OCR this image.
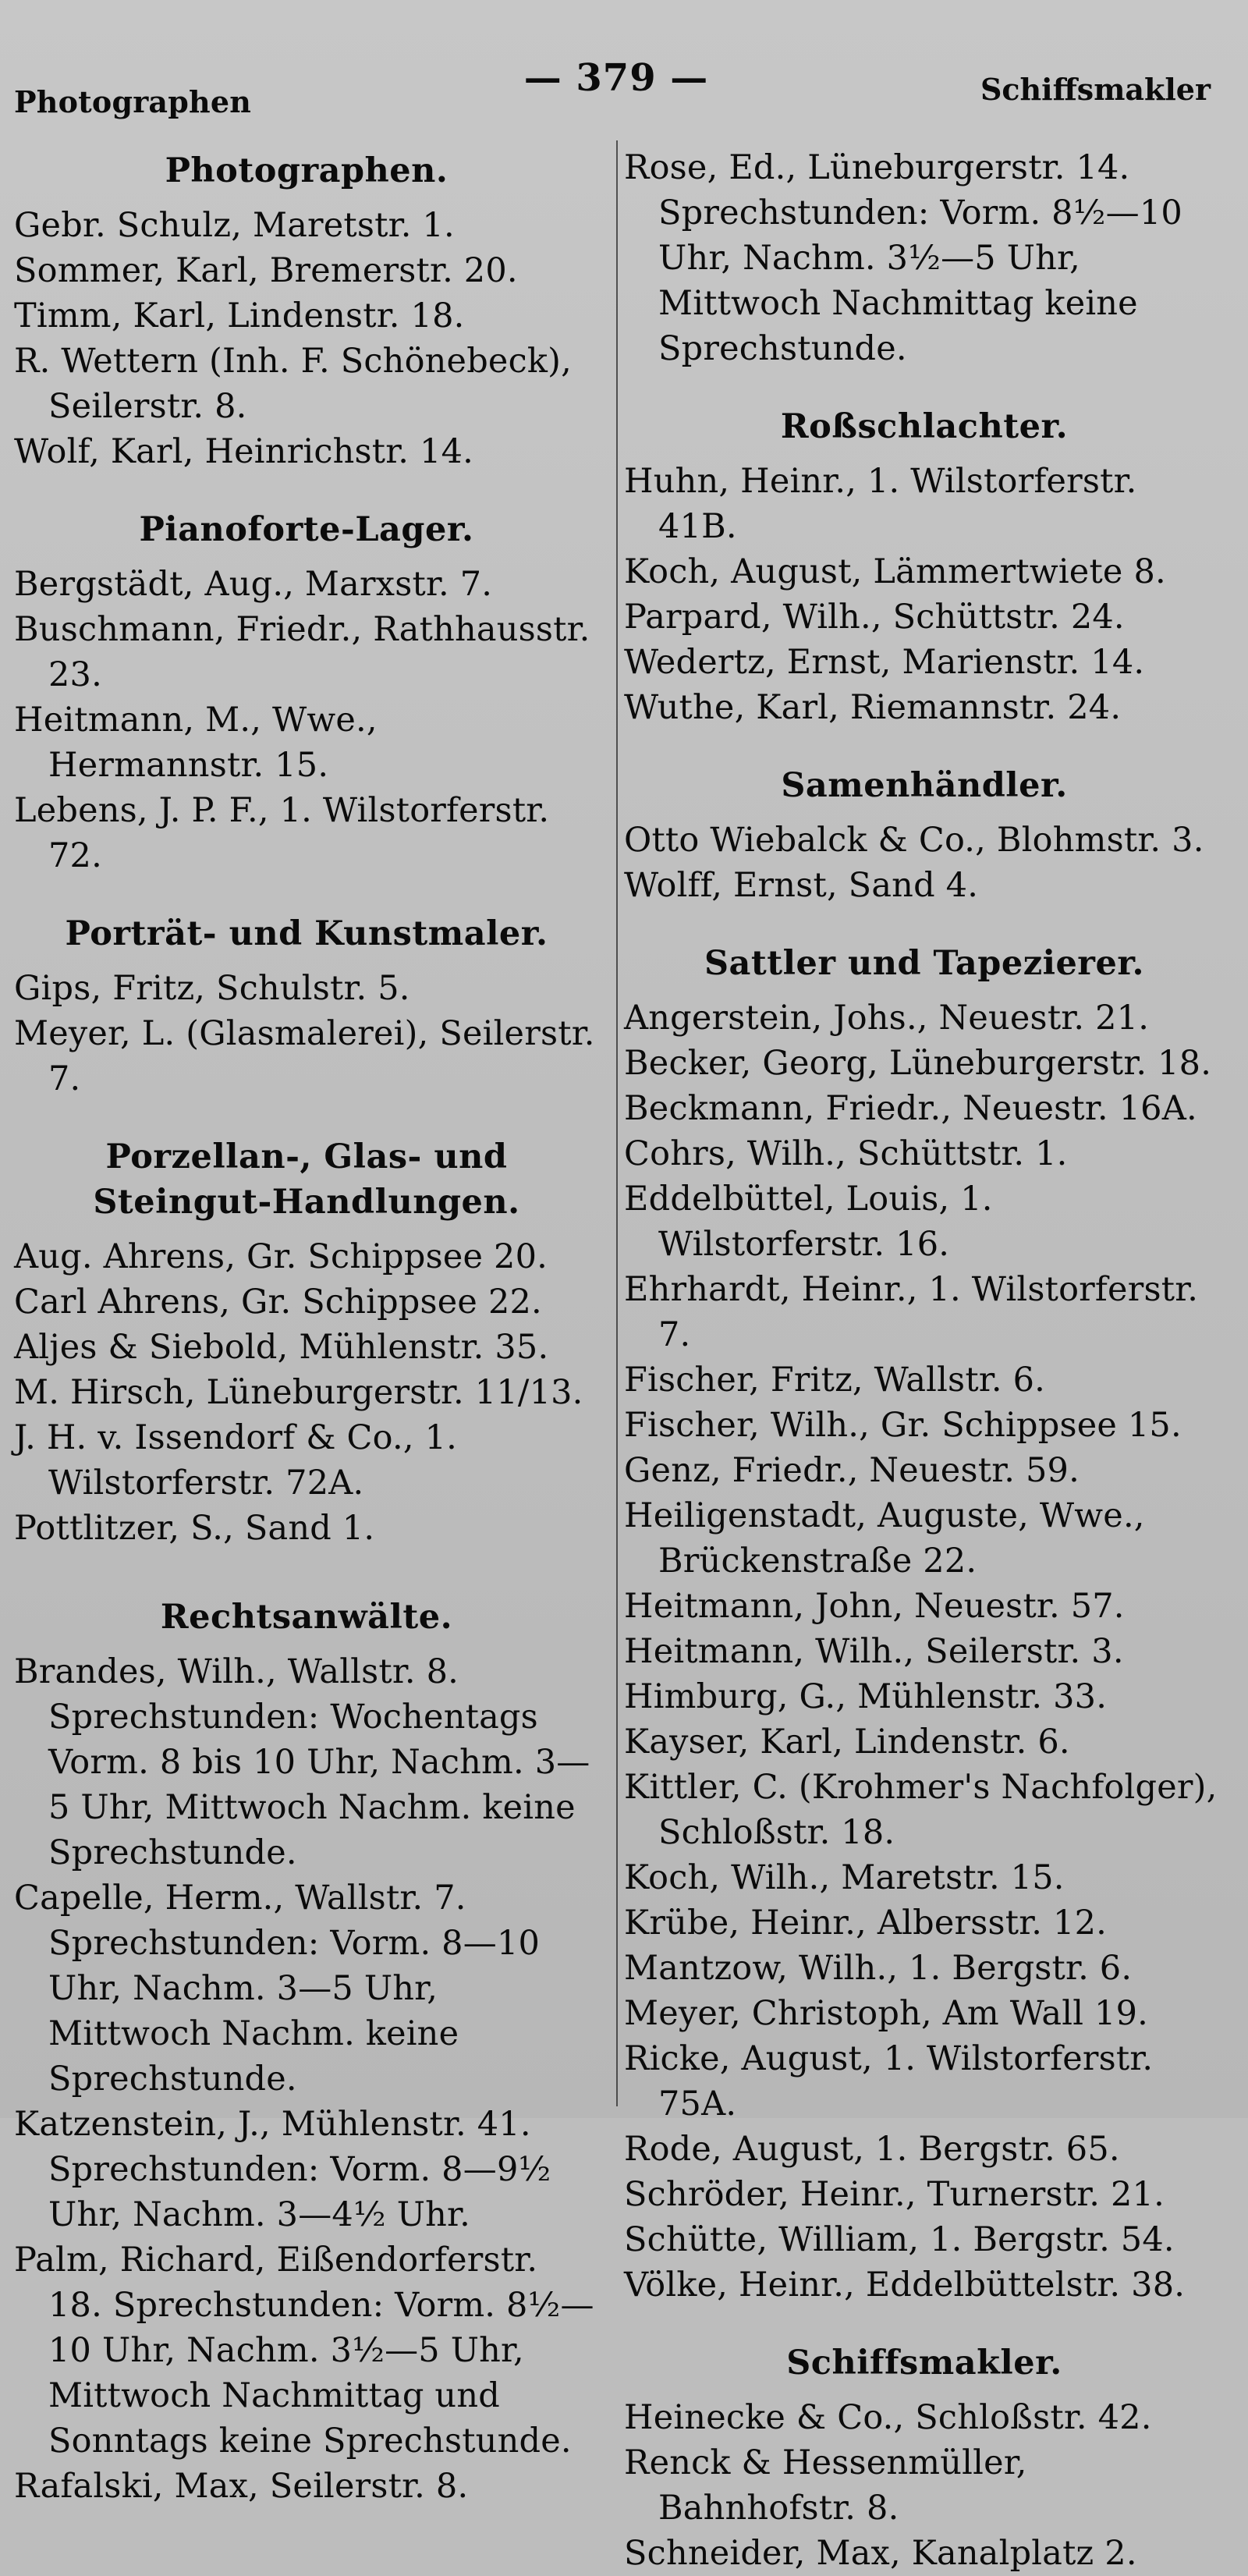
Photographen
— 379 —	Schiffsmakler
Photographen.

Gebr. Schulz, Maretstr. 1.

Sommer, Karl, Bremerstr. 20.

Timm, Karl, Lindenstr. 18.

R. Wettern (Inh. F. Schönebeck), Seilerstr. 8.

Wolf, Karl, Heinrichstr. 14.

Pianoforte-Lager.

Bergstädt, Aug., Marxstr. 7.

Buschmann, Friedr., Rathhausstr. 23.

Heitmann, M., Wwe., Hermannstr. 15.

Lebens, J. P. F., 1. Wilstorferstr. 72.

Porträt- und Kunstmaler.

Gips, Fritz, Schulstr. 5.

Meyer, L. (Glasmalerei), Seilerstr. 7.

Porzellan-, Glas- und Steingut-Handlungen.

Aug. Ahrens, Gr. Schippsee 20.

Carl Ahrens, Gr. Schippsee 22.

Aljes & Siebold, Mühlenstr. 35.

M. Hirsch, Lüneburgerstr. 11/13.

J. H. v. Issendorf & Co., 1. Wilstorferstr. 72A.

Pottlitzer, S., Sand 1.

Rechtsanwälte.

Brandes, Wilh., Wallstr. 8. Sprechstunden: Wochentags Vorm. 8 bis 10 Uhr, Nachm. 3—5 Uhr, Mittwoch Nachm. keine Sprechstunde.

Capelle, Herm., Wallstr. 7. Sprechstunden: Vorm. 8—10 Uhr, Nachm. 3—5 Uhr, Mittwoch Nachm. keine Sprechstunde.

Katzenstein, J., Mühlenstr. 41. Sprechstunden: Vorm. 8—9½ Uhr, Nachm. 3—4½ Uhr.

Palm, Richard, Eißendorferstr. 18. Sprechstunden: Vorm. 8½—10 Uhr, Nachm. 3½—5 Uhr, Mittwoch Nachmittag und Sonntags keine Sprechstunde.

Rafalski, Max, Seilerstr. 8.

Rose, Ed., Lüneburgerstr. 14. Sprechstunden: Vorm. 8½—10 Uhr, Nachm. 3½—5 Uhr, Mittwoch Nachmittag keine Sprechstunde.

Roßschlachter.

Huhn, Heinr., 1. Wilstorferstr. 41B.

Koch, August, Lämmertwiete 8.

Parpard, Wilh., Schüttstr. 24.

Wedertz, Ernst, Marienstr. 14.

Wuthe, Karl, Riemannstr. 24.

Samenhändler.

Otto Wiebalck & Co., Blohmstr. 3.

Wolff, Ernst, Sand 4.

Sattler und Tapezierer.

Angerstein, Johs., Neuestr. 21.

Becker, Georg, Lüneburgerstr. 18.

Beckmann, Friedr., Neuestr. 16A.

Cohrs, Wilh., Schüttstr. 1.

Eddelbüttel, Louis, 1. Wilstorferstr. 16.

Ehrhardt, Heinr., 1. Wilstorferstr. 7.

Fischer, Fritz, Wallstr. 6.

Fischer, Wilh., Gr. Schippsee 15.

Genz, Friedr., Neuestr. 59.

Heiligenstadt, Auguste, Wwe., Brückenstraße 22.

Heitmann, John, Neuestr. 57.

Heitmann, Wilh., Seilerstr. 3.

Himburg, G., Mühlenstr. 33.

Kayser, Karl, Lindenstr. 6.

Kittler, C. (Krohmer's Nachfolger), Schloßstr. 18.

Koch, Wilh., Maretstr. 15.

Krübe, Heinr., Albersstr. 12.

Mantzow, Wilh., 1. Bergstr. 6.

Meyer, Christoph, Am Wall 19.

Ricke, August, 1. Wilstorferstr. 75A.

Rode, August, 1. Bergstr. 65.

Schröder, Heinr., Turnerstr. 21.

Schütte, William, 1. Bergstr. 54.

Völke, Heinr., Eddelbüttelstr. 38.

Schiffsmakler.

Heinecke & Co., Schloßstr. 42.

Renck & Hessenmüller, Bahnhofstr. 8.

Schneider, Max, Kanalplatz 2.
